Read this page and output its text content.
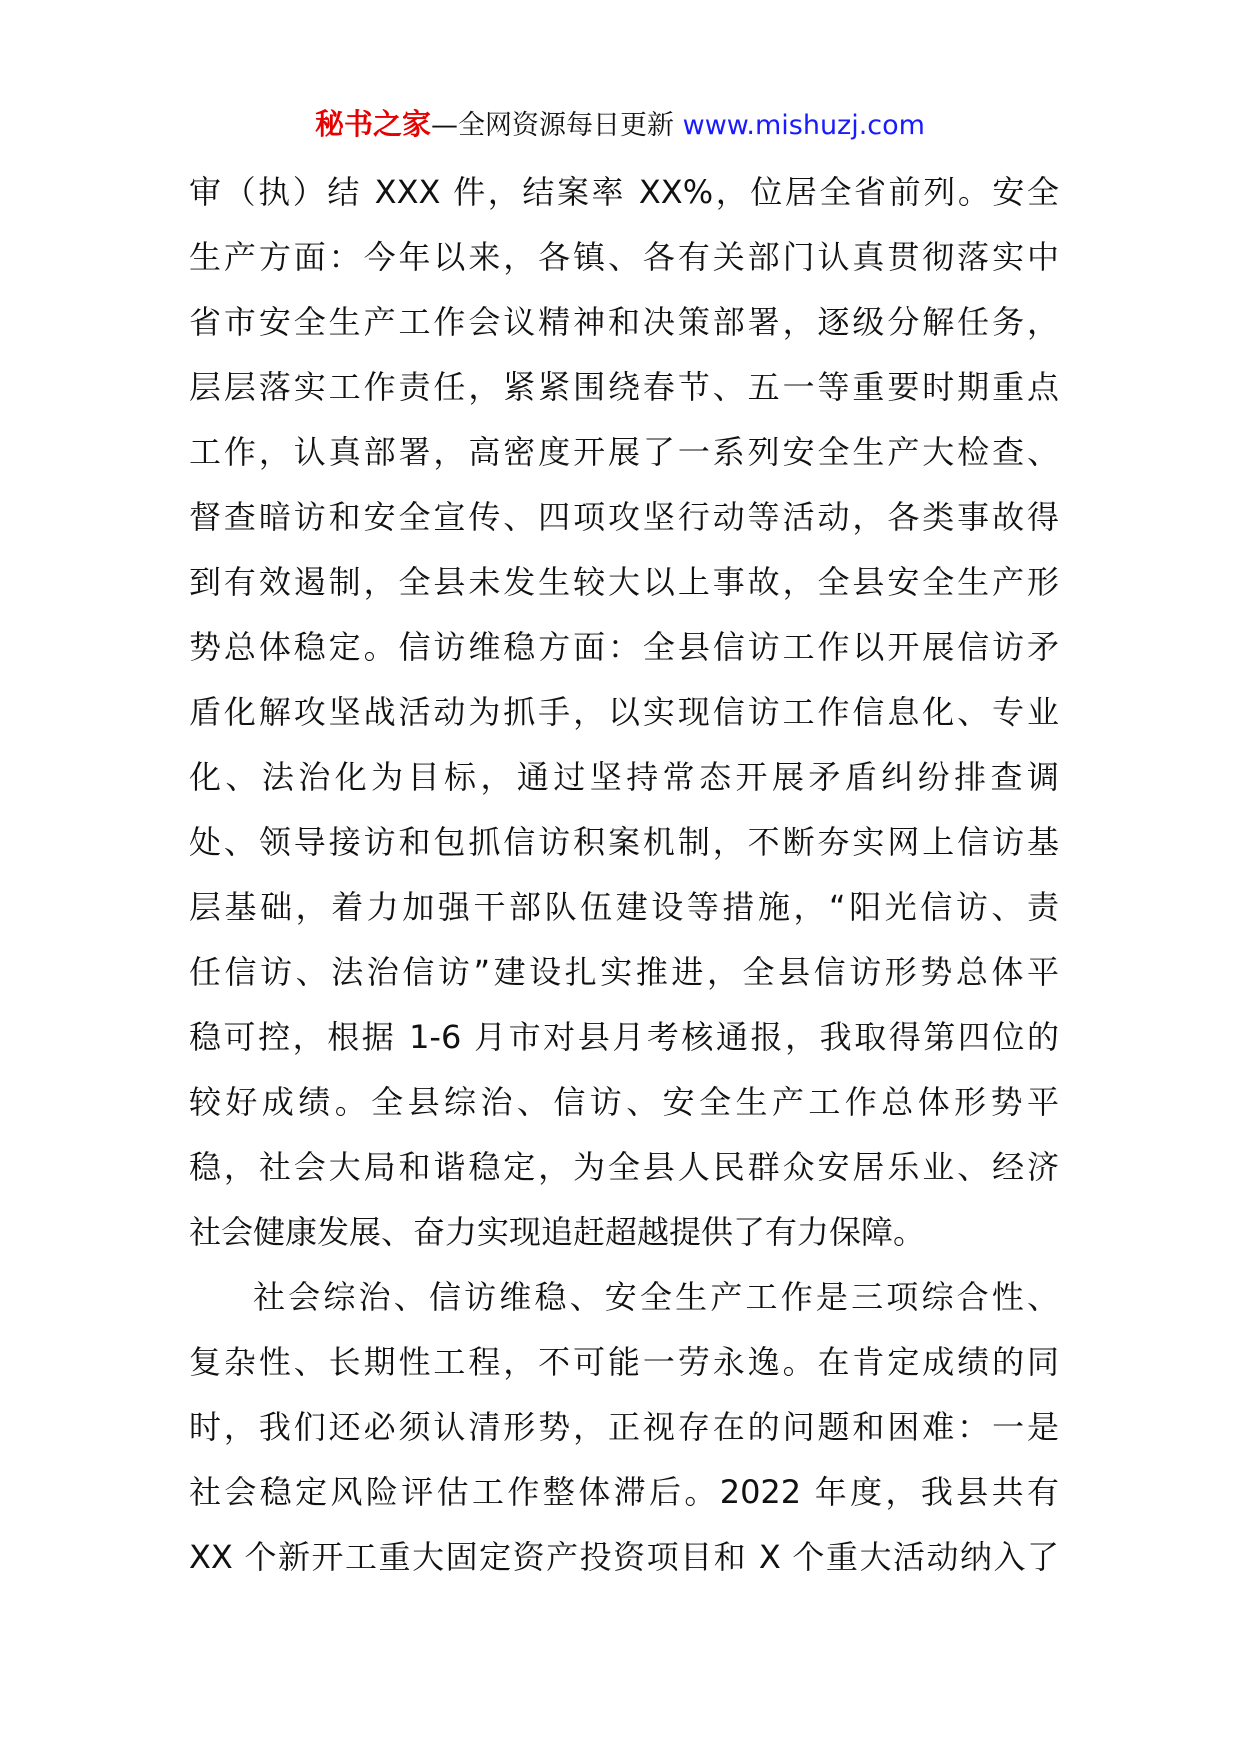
秘书之家—全网资源每日更新 www.mishuzj.com
审（执）结 XXX 件，结案率 XX%，位居全省前列。安全
生产方面：今年以来，各镇、各有关部门认真贯彻落实中
省市安全生产工作会议精神和决策部署，逐级分解任务，
层层落实工作责任，紧紧围绕春节、五一等重要时期重点
工作，认真部署，高密度开展了一系列安全生产大检查、
督查暗访和安全宣传、四项攻坚行动等活动，各类事故得
到有效遏制，全县未发生较大以上事故，全县安全生产形
势总体稳定。信访维稳方面：全县信访工作以开展信访矛
盾化解攻坚战活动为抓手，以实现信访工作信息化、专业
化、法治化为目标，通过坚持常态开展矛盾纠纷排查调
处、领导接访和包抓信访积案机制，不断夯实网上信访基
层基础，着力加强干部队伍建设等措施，“阳光信访、责
任信访、法治信访”建设扎实推进，全县信访形势总体平
稳可控，根据 1-6 月市对县月考核通报，我取得第四位的
较好成绩。全县综治、信访、安全生产工作总体形势平
稳，社会大局和谐稳定，为全县人民群众安居乐业、经济
社会健康发展、奋力实现追赶超越提供了有力保障。
社会综治、信访维稳、安全生产工作是三项综合性、
复杂性、长期性工程，不可能一劳永逸。在肯定成绩的同
时，我们还必须认清形势，正视存在的问题和困难：一是
社会稳定风险评估工作整体滞后。2022 年度，我县共有
XX 个新开工重大固定资产投资项目和 X 个重大活动纳入了
